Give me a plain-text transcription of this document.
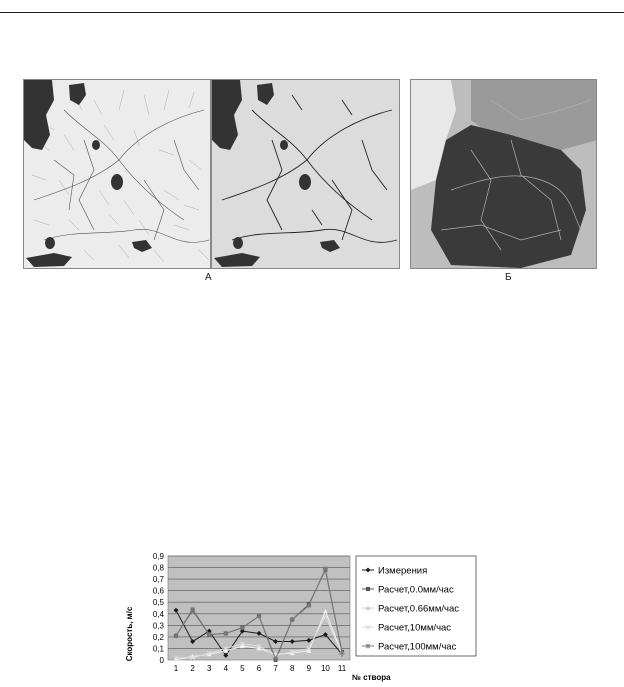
А	Б
0
0,1
0,2
0,3
0,4
0,5
0,6
0,7
0,8
0,9
1 2 3 4 5 6 7 8 9 10 11
Скорость, м/с
№ створа
Измерения
Расчет,0.0мм/час
Расчет,0.66мм/час
Расчет,10мм/час
Расчет,100мм/час
